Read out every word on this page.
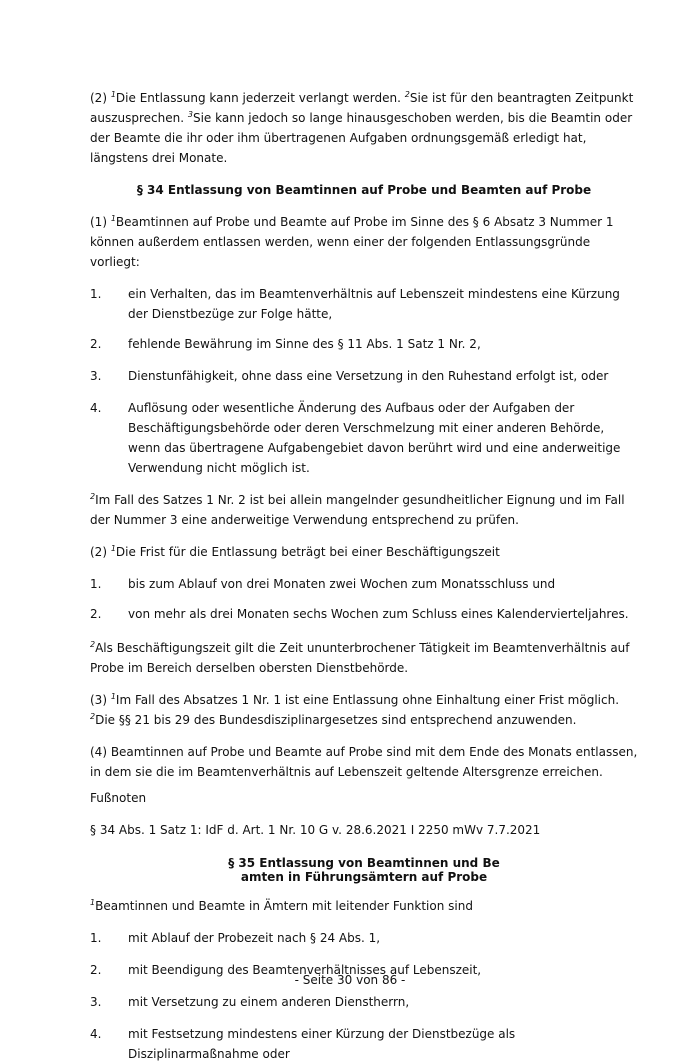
(2) $^1$Die Entlassung kann jederzeit verlangt werden. $^2$Sie ist für den beantragten Zeitpunkt auszusprechen. $^3$Sie kann jedoch so lange hinausgeschoben werden, bis die Beamtin oder der Beamte die ihr oder ihm übertragenen Aufgaben ordnungsgemäß erledigt hat, längstens drei Monate.

§ 34 Entlassung von Beamtinnen auf Probe und Beamten auf Probe

(1) $^1$Beamtinnen auf Probe und Beamte auf Probe im Sinne des § 6 Absatz 3 Nummer 1 können außerdem entlassen werden, wenn einer der folgenden Entlassungsgründe vorliegt:

1.	ein Verhalten, das im Beamtenverhältnis auf Lebenszeit mindestens eine Kürzung der Dienstbezüge zur Folge hätte,
2.	fehlende Bewährung im Sinne des § 11 Abs. 1 Satz 1 Nr. 2,
3.	Dienstunfähigkeit, ohne dass eine Versetzung in den Ruhestand erfolgt ist, oder
4.	Auflösung oder wesentliche Änderung des Aufbaus oder der Aufgaben der Beschäftigungsbehörde oder deren Verschmelzung mit einer anderen Behörde, wenn das übertragene Aufgabengebiet davon berührt wird und eine anderweitige Verwendung nicht möglich ist.

$^2$Im Fall des Satzes 1 Nr. 2 ist bei allein mangelnder gesundheitlicher Eignung und im Fall der Nummer 3 eine anderweitige Verwendung entsprechend zu prüfen.

(2) $^1$Die Frist für die Entlassung beträgt bei einer Beschäftigungszeit

1.	bis zum Ablauf von drei Monaten zwei Wochen zum Monatsschluss und
2.	von mehr als drei Monaten sechs Wochen zum Schluss eines Kalendervierteljahres.

$^2$Als Beschäftigungszeit gilt die Zeit ununterbrochener Tätigkeit im Beamtenverhältnis auf Probe im Bereich derselben obersten Dienstbehörde.

(3) $^1$Im Fall des Absatzes 1 Nr. 1 ist eine Entlassung ohne Einhaltung einer Frist möglich. $^2$Die §§ 21 bis 29 des Bundesdisziplinargesetzes sind entsprechend anzuwenden.

(4) Beamtinnen auf Probe und Beamte auf Probe sind mit dem Ende des Monats entlassen, in dem sie die im Beamtenverhältnis auf Lebenszeit geltende Altersgrenze erreichen.

Fußnoten

§ 34 Abs. 1 Satz 1: IdF d. Art. 1 Nr. 10 G v. 28.6.2021 I 2250 mWv 7.7.2021

§ 35 Entlassung von Beamtinnen und Be
amten in Führungsämtern auf Probe

$^1$Beamtinnen und Beamte in Ämtern mit leitender Funktion sind

1.	mit Ablauf der Probezeit nach § 24 Abs. 1,
2.	mit Beendigung des Beamtenverhältnisses auf Lebenszeit,
3.	mit Versetzung zu einem anderen Dienstherrn,
4.	mit Festsetzung mindestens einer Kürzung der Dienstbezüge als Disziplinarmaßnahme oder
- Seite 30 von 86 -
